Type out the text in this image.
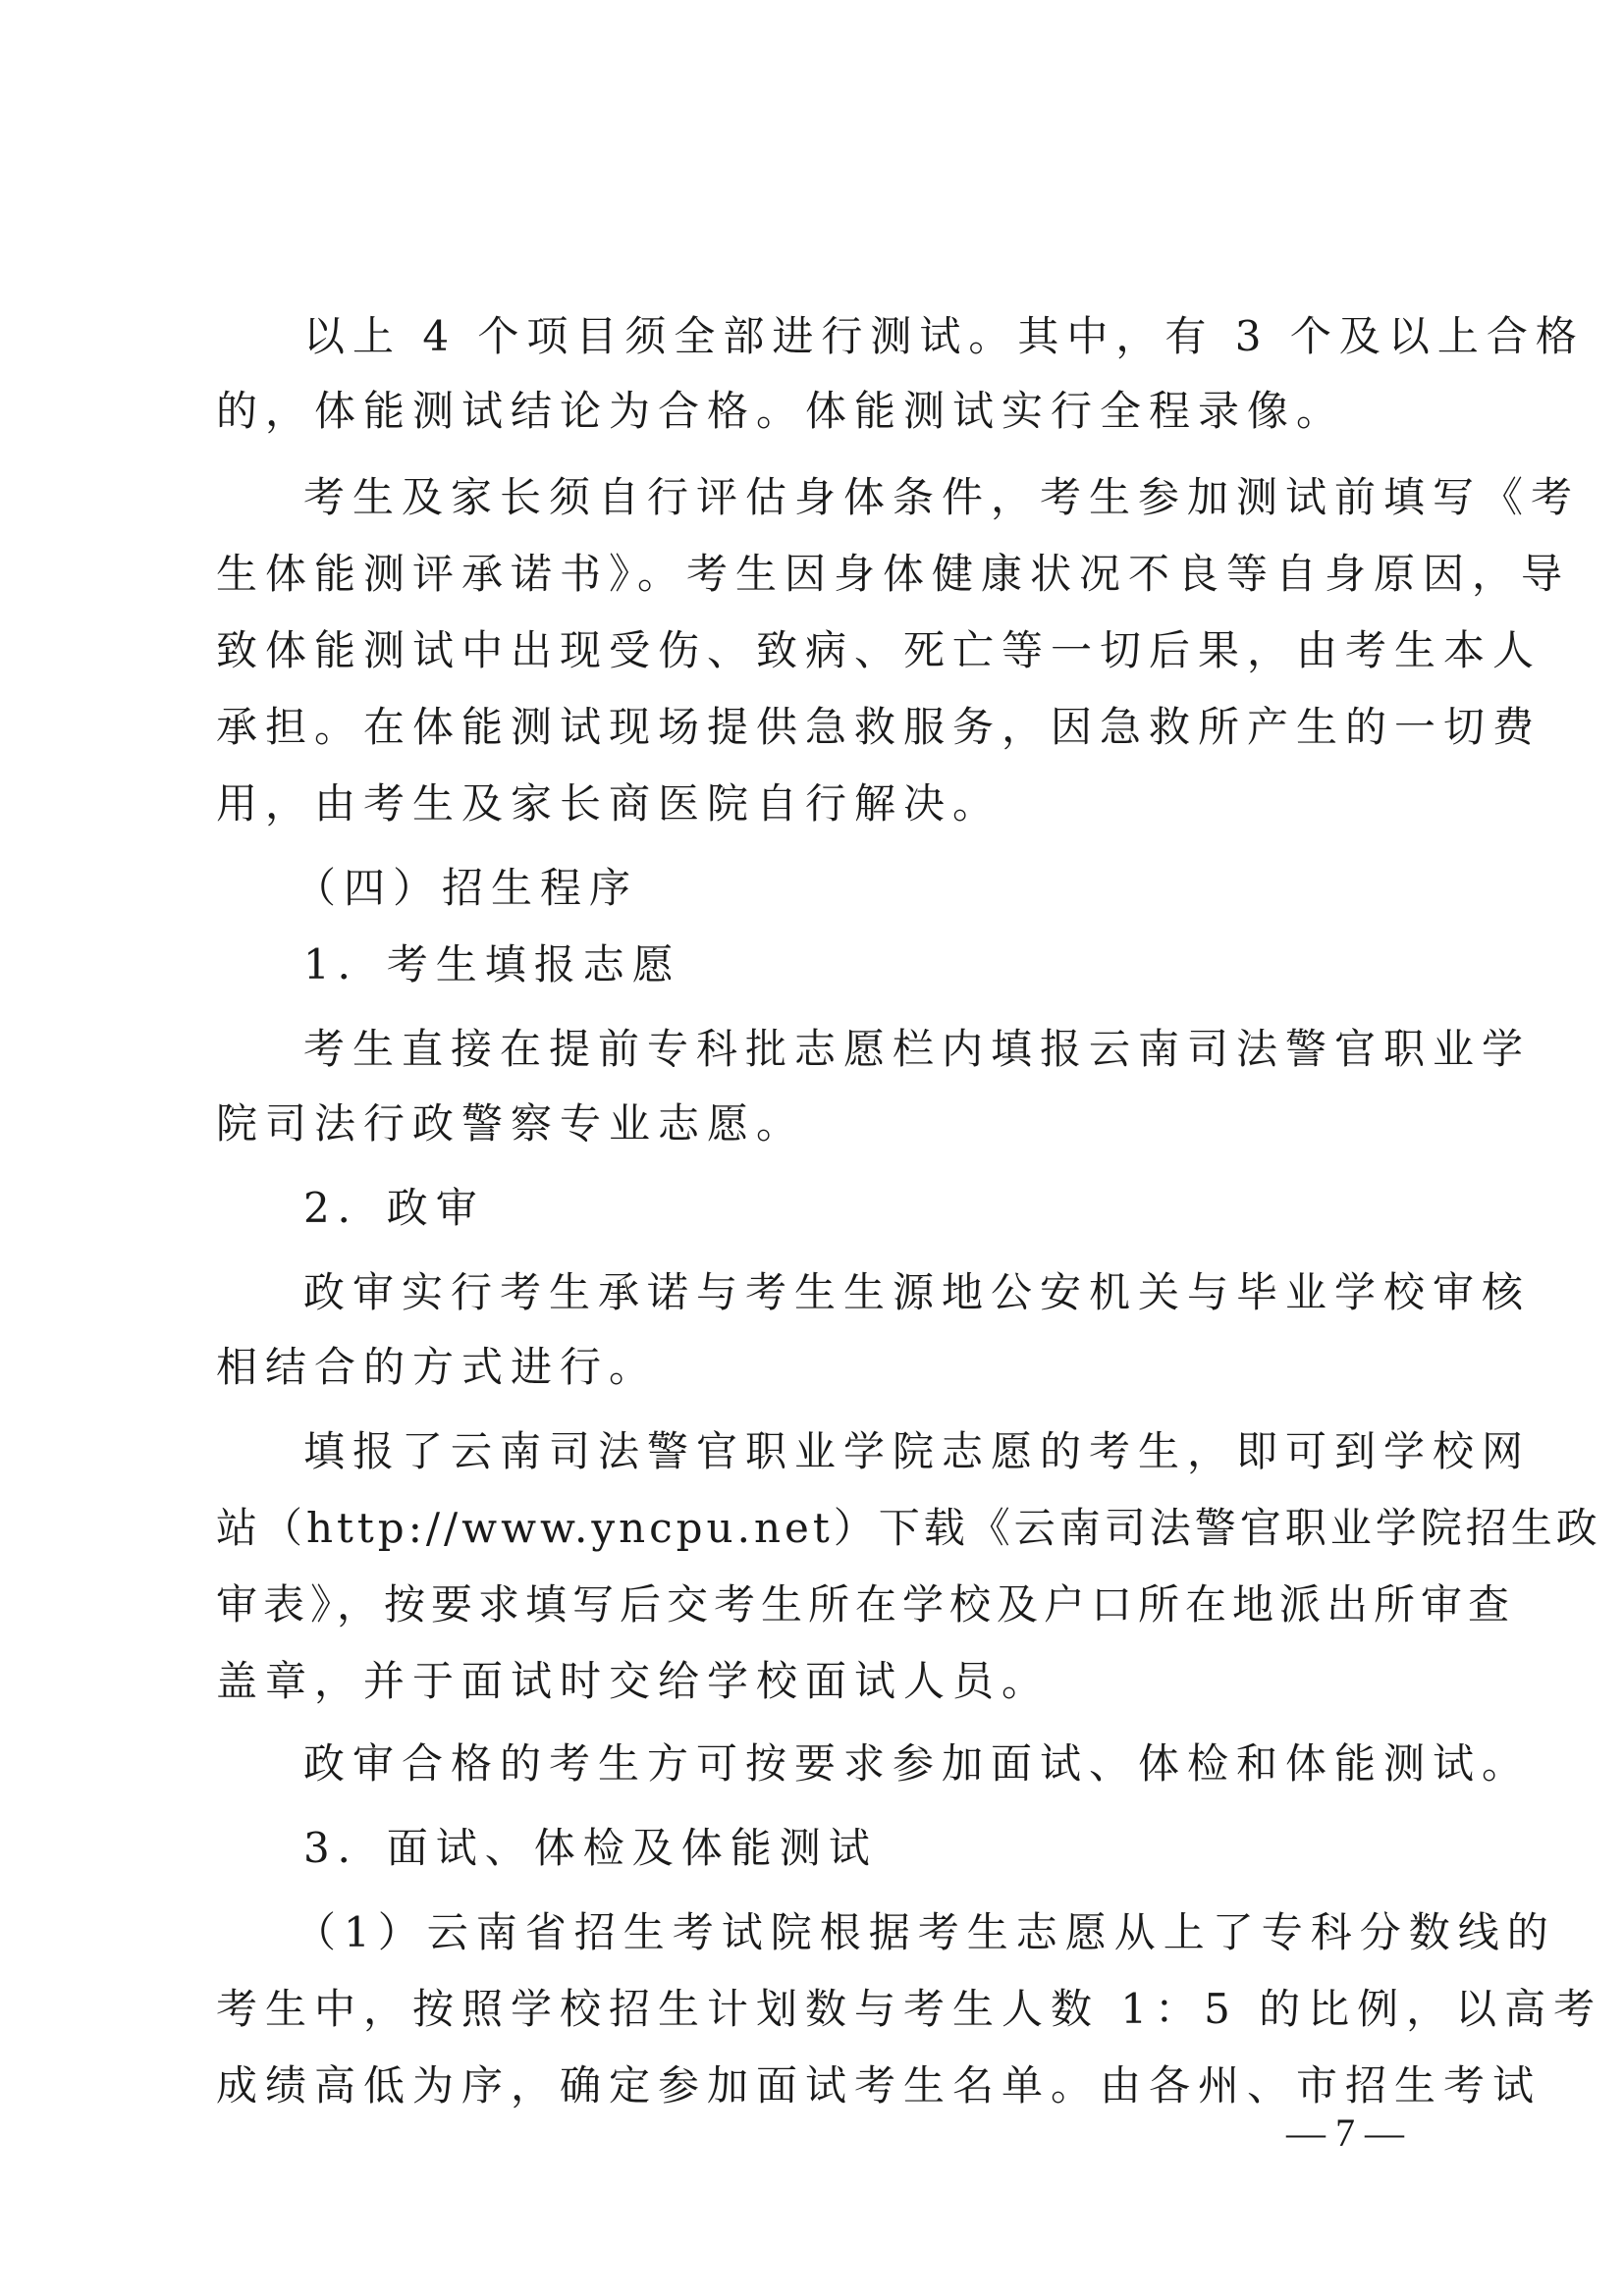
以上 4 个项目须全部进行测试。其中，有 3 个及以上合格
的，体能测试结论为合格。体能测试实行全程录像。
考生及家长须自行评估身体条件，考生参加测试前填写《考
生体能测评承诺书》。考生因身体健康状况不良等自身原因，导
致体能测试中出现受伤、致病、死亡等一切后果，由考生本人
承担。在体能测试现场提供急救服务，因急救所产生的一切费
用，由考生及家长商医院自行解决。
（四）招生程序
1．考生填报志愿
考生直接在提前专科批志愿栏内填报云南司法警官职业学
院司法行政警察专业志愿。
2．政审
政审实行考生承诺与考生生源地公安机关与毕业学校审核
相结合的方式进行。
填报了云南司法警官职业学院志愿的考生，即可到学校网
站（http://www.yncpu.net）下载《云南司法警官职业学院招生政
审表》，按要求填写后交考生所在学校及户口所在地派出所审查
盖章，并于面试时交给学校面试人员。
政审合格的考生方可按要求参加面试、体检和体能测试。
3．面试、体检及体能测试
（1）云南省招生考试院根据考生志愿从上了专科分数线的
考生中，按照学校招生计划数与考生人数 1：5 的比例，以高考
成绩高低为序，确定参加面试考生名单。由各州、市招生考试
— 7 —
